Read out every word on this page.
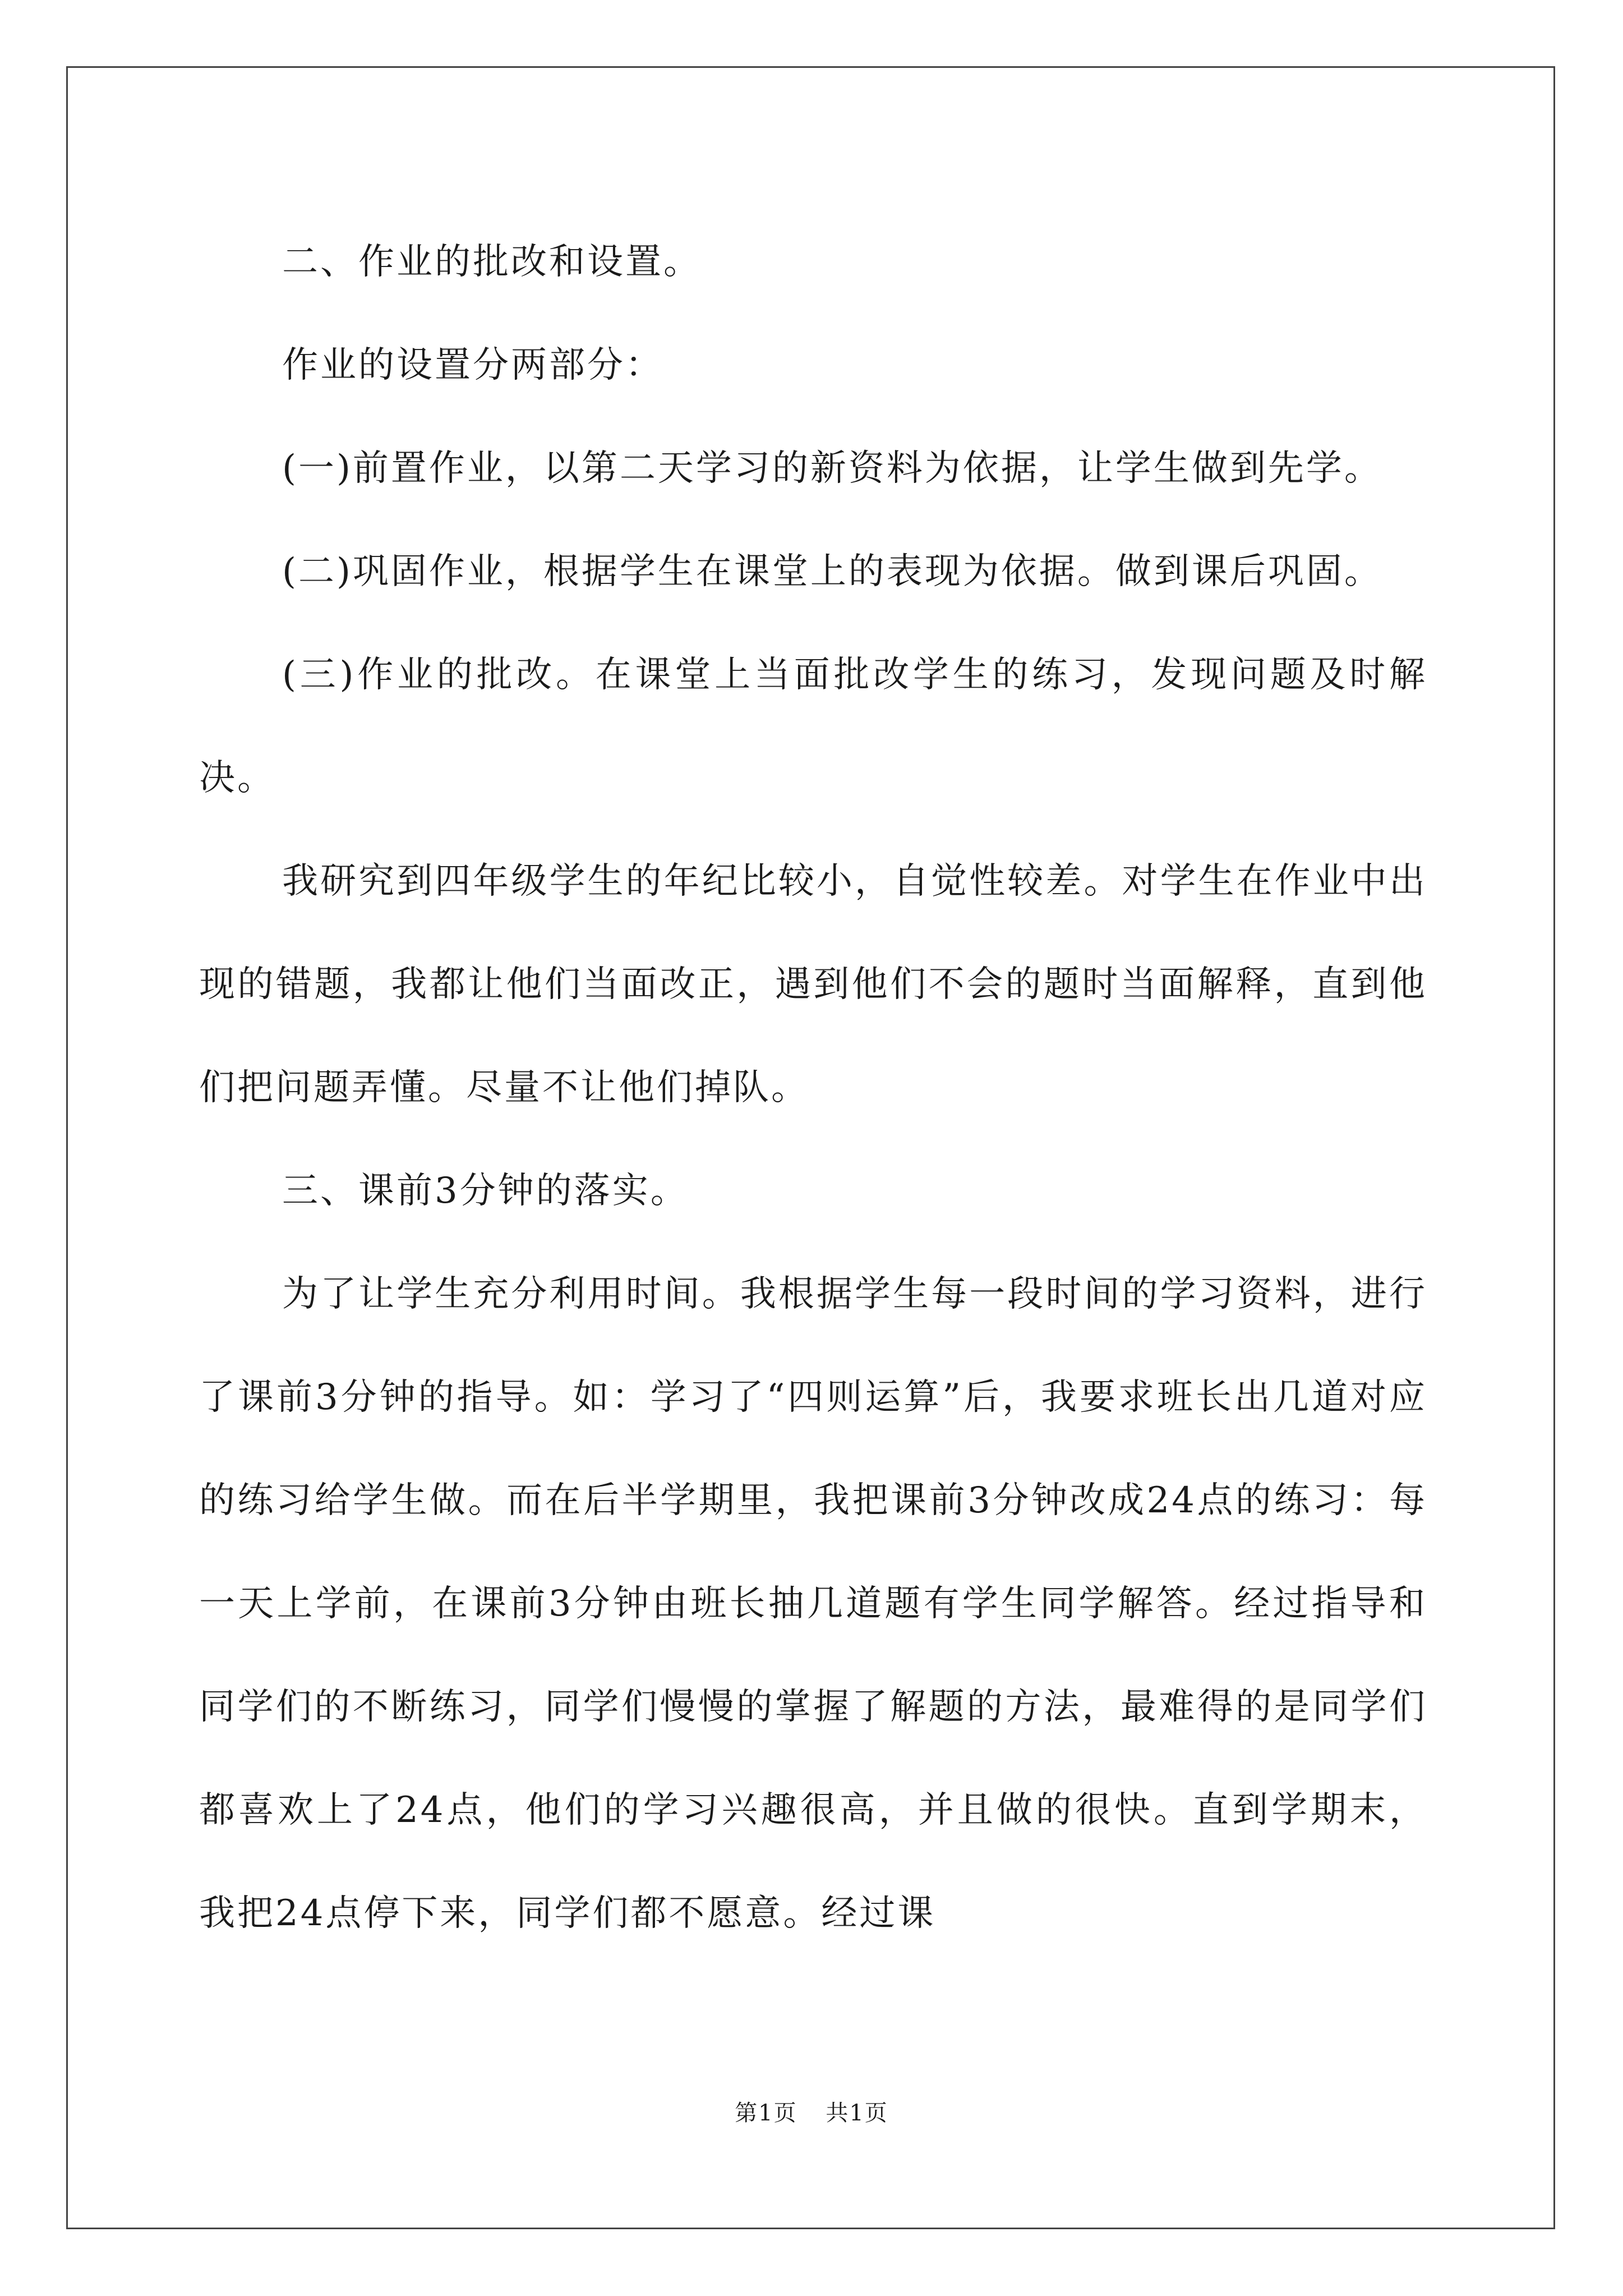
二、作业的批改和设置。

作业的设置分两部分：

(一)前置作业，以第二天学习的新资料为依据，让学生做到先学。

(二)巩固作业，根据学生在课堂上的表现为依据。做到课后巩固。

(三)作业的批改。在课堂上当面批改学生的练习，发现问题及时解决。

我研究到四年级学生的年纪比较小，自觉性较差。对学生在作业中出现的错题，我都让他们当面改正，遇到他们不会的题时当面解释，直到他们把问题弄懂。尽量不让他们掉队。

三、课前3分钟的落实。

为了让学生充分利用时间。我根据学生每一段时间的学习资料，进行了课前3分钟的指导。如：学习了“四则运算”后，我要求班长出几道对应的练习给学生做。而在后半学期里，我把课前3分钟改成24点的练习：每一天上学前，在课前3分钟由班长抽几道题有学生同学解答。经过指导和同学们的不断练习，同学们慢慢的掌握了解题的方法，最难得的是同学们都喜欢上了24点，他们的学习兴趣很高，并且做的很快。直到学期末，我把24点停下来，同学们都不愿意。经过课

第1页 共1页
